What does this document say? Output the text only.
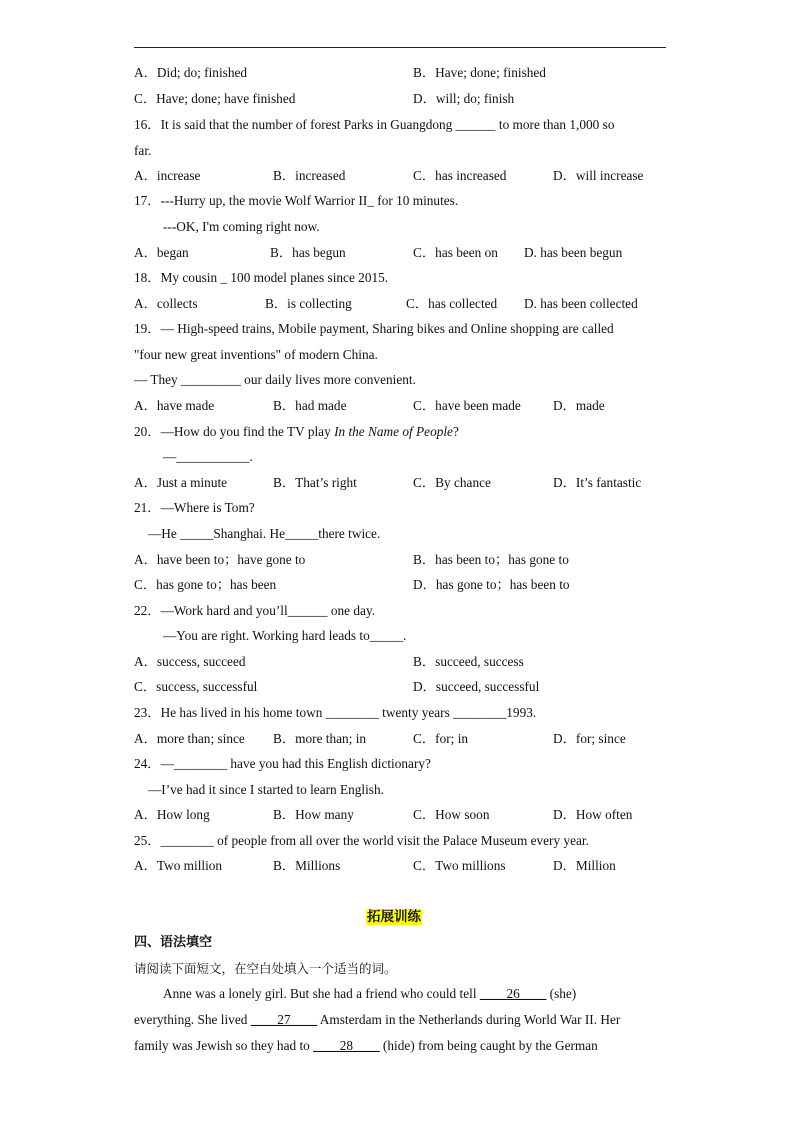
A．Did; do; finished	B．Have; done; finished
C．Have; done; have finished	D．will; do; finish
16．It is said that the number of forest Parks in Guangdong ______ to more than 1,000 so
far.
A．increase	B．increased	C．has increased	D．will increase
17．---Hurry up, the movie Wolf Warrior II_ for 10 minutes.
---OK, I'm coming right now.
A．began	B．has begun	C．has been on D. has been begun
18．My cousin _ 100 model planes since 2015.
A．collects	B．is collecting	C．has collected D. has been collected
19．— High-speed trains, Mobile payment, Sharing bikes and Online shopping are called
"four new great inventions" of modern China.
— They _________ our daily lives more convenient.
A．have made	B．had made	C．have been made D．made
20．—How do you find the TV play In the Name of People?
—___________.
A．Just a minute	B．That’s right	C．By chance	D．It’s fantastic
21．—Where is Tom?
—He _____Shanghai. He_____there twice.
A．have been to；have gone to	B．has been to；has gone to
C．has gone to；has been	D．has gone to；has been to
22．—Work hard and you’ll______ one day.
—You are right. Working hard leads to_____.
A．success, succeed	B．succeed, success
C．success, successful	D．succeed, successful
23．He has lived in his home town ________ twenty years ________1993.
A．more than; since B．more than; in	C．for; in	D．for; since
24．—________ have you had this English dictionary?
—I’ve had it since I started to learn English.
A．How long	B．How many	C．How soon	D．How often
25．________ of people from all over the world visit the Palace Museum every year.
A．Two million	B．Millions	C．Two millions	D．Million
拓展训练
四、语法填空
请阅读下面短文，在空白处填入一个适当的词。
Anne was a lonely girl. But she had a friend who could tell ____26____ (she)
everything. She lived ____27____ Amsterdam in the Netherlands during World War II. Her
family was Jewish so they had to ____28____ (hide) from being caught by the German
